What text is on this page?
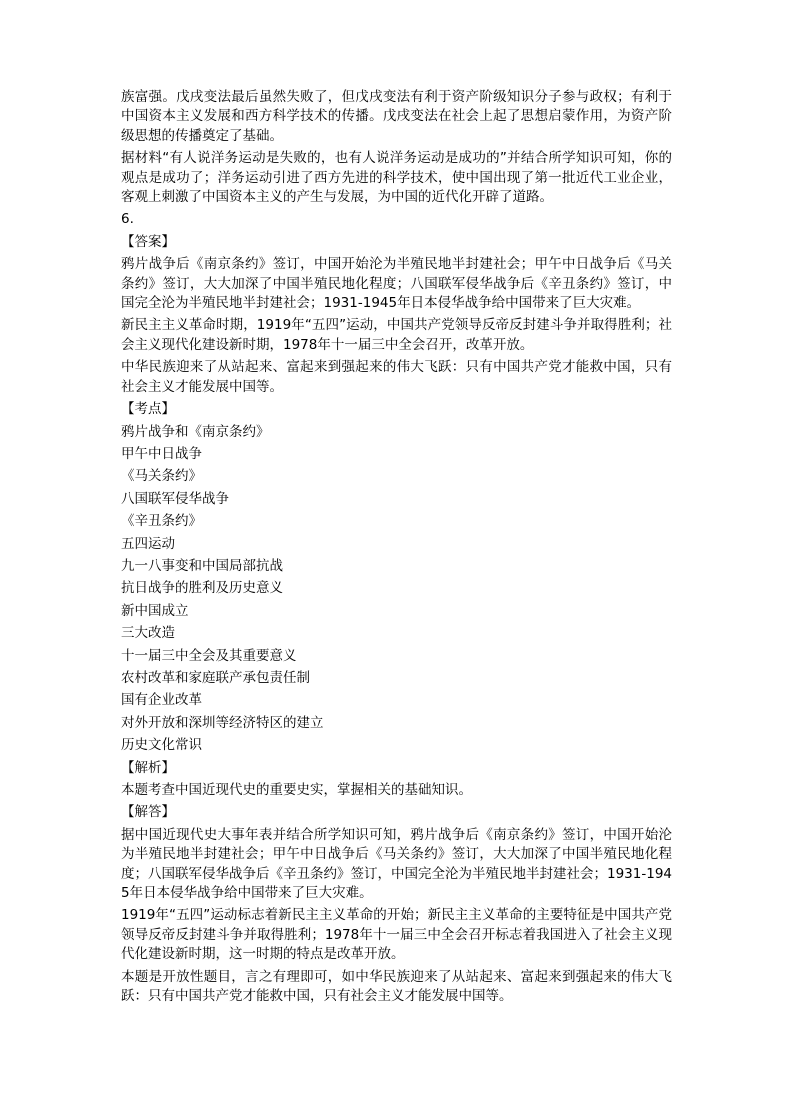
族富强。戊戌变法最后虽然失败了，但戊戌变法有利于资产阶级知识分子参与政权；有利于中国资本主义发展和西方科学技术的传播。戊戌变法在社会上起了思想启蒙作用，为资产阶级思想的传播奠定了基础。

据材料“有人说洋务运动是失败的，也有人说洋务运动是成功的”并结合所学知识可知，你的观点是成功了；洋务运动引进了西方先进的科学技术，使中国出现了第一批近代工业企业，客观上刺激了中国资本主义的产生与发展，为中国的近代化开辟了道路。

6.

【答案】

鸦片战争后《南京条约》签订，中国开始沦为半殖民地半封建社会；甲午中日战争后《马关条约》签订，大大加深了中国半殖民地化程度；八国联军侵华战争后《辛丑条约》签订，中国完全沦为半殖民地半封建社会；1931-1945年日本侵华战争给中国带来了巨大灾难。

新民主主义革命时期，1919年“五四”运动，中国共产党领导反帝反封建斗争并取得胜利；社会主义现代化建设新时期，1978年十一届三中全会召开，改革开放。

中华民族迎来了从站起来、富起来到强起来的伟大飞跃：只有中国共产党才能救中国，只有社会主义才能发展中国等。

【考点】

鸦片战争和《南京条约》

甲午中日战争

《马关条约》

八国联军侵华战争

《辛丑条约》

五四运动

九一八事变和中国局部抗战

抗日战争的胜利及历史意义

新中国成立

三大改造

十一届三中全会及其重要意义

农村改革和家庭联产承包责任制

国有企业改革

对外开放和深圳等经济特区的建立

历史文化常识

【解析】

本题考查中国近现代史的重要史实，掌握相关的基础知识。

【解答】

据中国近现代史大事年表并结合所学知识可知，鸦片战争后《南京条约》签订，中国开始沦为半殖民地半封建社会；甲午中日战争后《马关条约》签订，大大加深了中国半殖民地化程度；八国联军侵华战争后《辛丑条约》签订，中国完全沦为半殖民地半封建社会；1931-1945年日本侵华战争给中国带来了巨大灾难。

1919年“五四”运动标志着新民主主义革命的开始；新民主主义革命的主要特征是中国共产党领导反帝反封建斗争并取得胜利；1978年十一届三中全会召开标志着我国进入了社会主义现代化建设新时期，这一时期的特点是改革开放。

本题是开放性题目，言之有理即可，如中华民族迎来了从站起来、富起来到强起来的伟大飞跃：只有中国共产党才能救中国，只有社会主义才能发展中国等。
